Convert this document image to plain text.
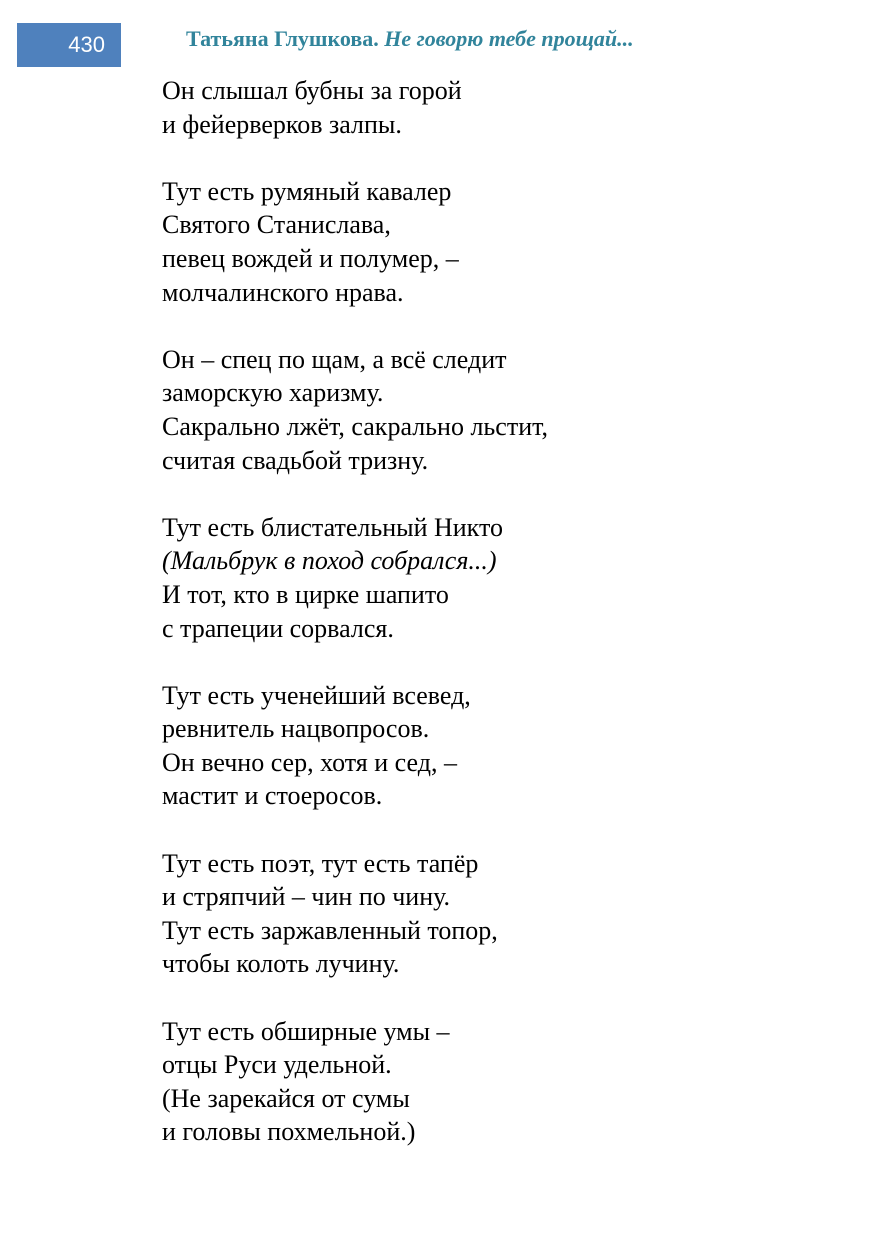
430	Татьяна Глушкова. Не говорю тебе прощай...
Он слышал бубны за горой
и фейерверков залпы.
Тут есть румяный кавалер
Святого Станислава,
певец вождей и полумер, –
молчалинского нрава.
Он – спец по щам, а всё следит
заморскую харизму.
Сакрально лжёт, сакрально льстит,
считая свадьбой тризну.
Тут есть блистательный Никто
(Мальбрук в поход собрался...)
И тот, кто в цирке шапито
с трапеции сорвался.
Тут есть ученейший всевед,
ревнитель нацвопросов.
Он вечно сер, хотя и сед, –
мастит и стоеросов.
Тут есть поэт, тут есть тапёр
и стряпчий – чин по чину.
Тут есть заржавленный топор,
чтобы колоть лучину.
Тут есть обширные умы –
отцы Руси удельной.
(Не зарекайся от сумы
и головы похмельной.)
